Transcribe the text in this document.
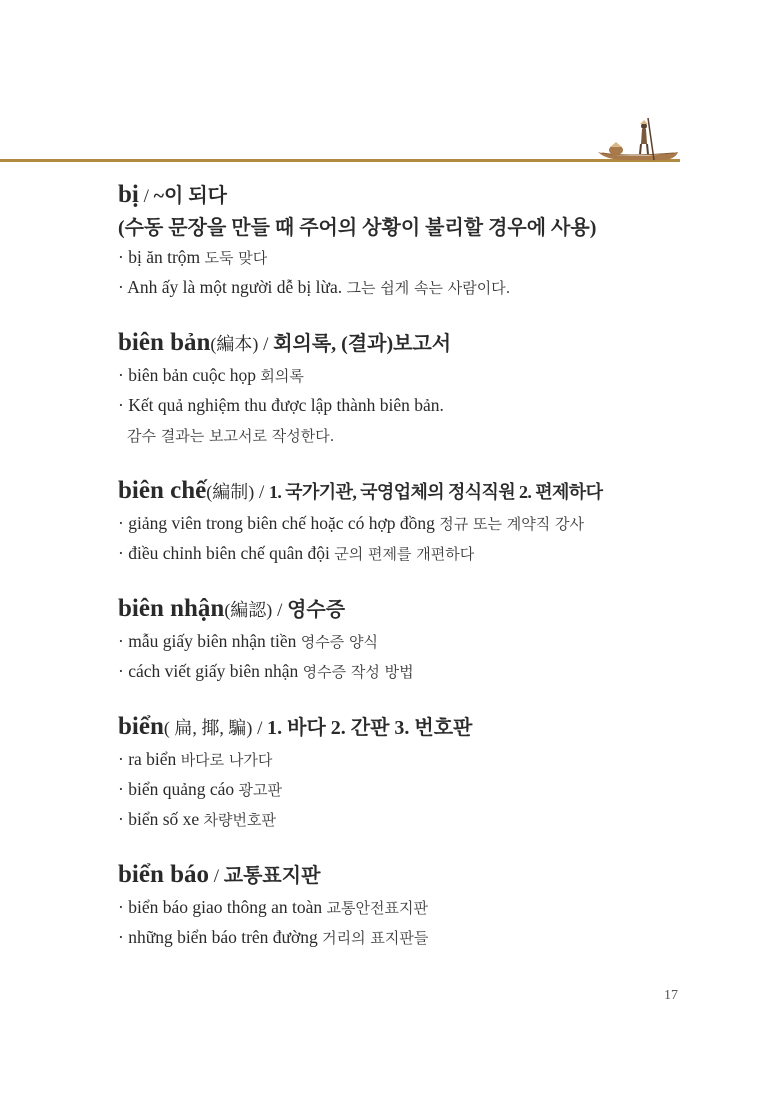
bị / ~이 되다
(수동 문장을 만들 때 주어의 상황이 불리할 경우에 사용)
· bị ăn trộm 도둑 맞다
· Anh ấy là một người dễ bị lừa. 그는 쉽게 속는 사람이다.
biên bản(編本) / 회의록, (결과)보고서
· biên bản cuộc họp 회의록
· Kết quả nghiệm thu được lập thành biên bản.
감수 결과는 보고서로 작성한다.
biên chế(編制) / 1. 국가기관, 국영업체의 정식직원 2. 편제하다
· giảng viên trong biên chế hoặc có hợp đồng 정규 또는 계약직 강사
· điều chỉnh biên chế quân đội 군의 편제를 개편하다
biên nhận(編認) / 영수증
· mẫu giấy biên nhận tiền 영수증 양식
· cách viết giấy biên nhận 영수증 작성 방법
biển( 扁, 揶, 騙) / 1. 바다 2. 간판 3. 번호판
· ra biển 바다로 나가다
· biển quảng cáo 광고판
· biển số xe 차량번호판
biển báo / 교통표지판
· biển báo giao thông an toàn 교통안전표지판
· những biển báo trên đường 거리의 표지판들
17
